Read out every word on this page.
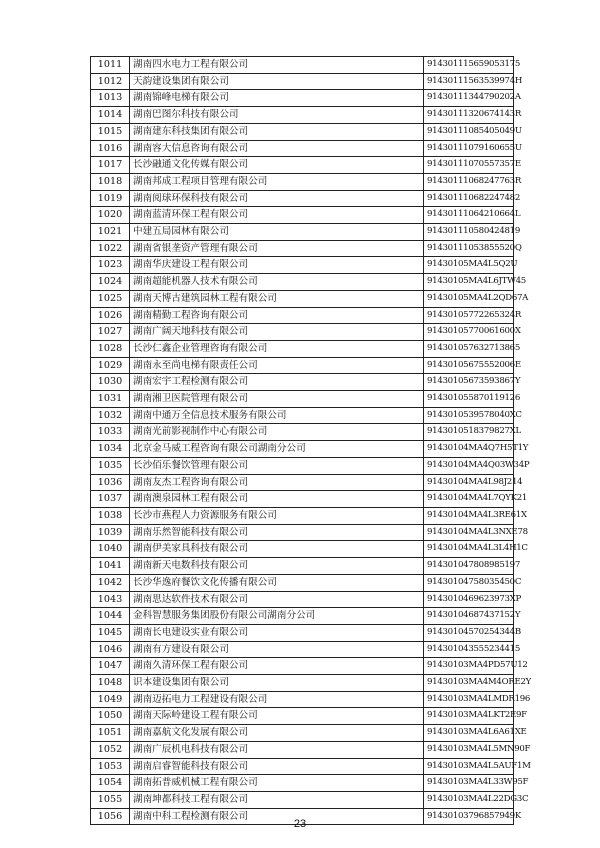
1011	湖南四水电力工程有限公司	914301115659053175
1012	天韵建设集团有限公司	91430111563539974H
1013	湖南锦峰电梯有限公司	91430111344790202A
1014	湖南巴图尔科技有限公司	91430111320674143R
1015	湖南建东科技集团有限公司	91430111085405049U
1016	湖南容大信息咨询有限公司	91430111079160655U
1017	长沙融通文化传媒有限公司	91430111070557357E
1018	湖南邦成工程项目管理有限公司	91430111068247763R
1019	湖南阅球环保科技有限公司	914301110682247482
1020	湖南蓝清环保工程有限公司	91430111064210664L
1021	中建五局园林有限公司	914301110580424819
1022	湖南省银垄资产管理有限公司	91430111053855520Q
1023	湖南华庆建设工程有限公司	91430105MA4L5Q2U
1024	湖南超能机器人技术有限公司	91430105MA4L6JTW45
1025	湖南天博古建筑园林工程有限公司	91430105MA4L2QD67A
1026	湖南精勤工程咨询有限公司	91430105772265324R
1027	湖南广阔天地科技有限公司	91430105770061600X
1028	长沙仁鑫企业管理咨询有限公司	914301057632713865
1029	湖南永至尚电梯有限责任公司	91430105675552006E
1030	湖南宏宇工程检测有限公司	91430105673593867Y
1031	湖南湘卫医院管理有限公司	914301055870119126
1032	湖南中通万全信息技术服务有限公司	91430105395780​40XC
1033	湖南光前影视制作中心有限公司	91430105183798​27XL
1034	北京金马威工程咨询有限公司湖南分公司	91430104MA4Q7H5T1Y
1035	长沙佰乐餐饮管理有限公司	91430104MA4Q03W34P
1036	湖南友杰工程咨询有限公司	91430104MA4L98J214
1037	湖南澳泉园林工程有限公司	91430104MA4L7QYK21
1038	长沙市燕程人力资源服务有限公司	91430104MA4L3RE61X
1039	湖南乐然智能科技有限公司	91430104MA4L3NXE78
1040	湖南伊美家具科技有限公司	91430104MA4L3L4H1C
1041	湖南新天电数科技有限公司	914301047808985197
1042	长沙华逸府餐饮文化传播有限公司	91430104758035450C
1043	湖南思达软件技术有限公司	91430104696239​73XP
1044	金科智慧服务集团股份有限公司湖南分公司	91430104687437152Y
1045	湖南长电建设实业有限公司	91430104570254344B
1046	湖南有方建设有限公司	914301043555234415
1047	湖南久清环保工程有限公司	91430103MA4PD57U12
1048	识本建设集团有限公司	91430103MA4M4ORE2Y
1049	湖南迈拓电力工程建设有限公司	91430103MA4LMDR196
1050	湖南天际岭建设工程有限公司	91430103MA4LKT2E9F
1051	湖南嘉航文化发展有限公司	91430103MA4L6A61XE
1052	湖南广辰机电科技有限公司	91430103MA4L5MN90F
1053	湖南启睿智能科技有限公司	91430103MA4L5AUF1M
1054	湖南拓普威机械工程有限公司	91430103MA4L33W95F
1055	湖南坤都科技工程有限公司	91430103MA4L22DG3C
1056	湖南中科工程检测有限公司	91430103796857949K
23
